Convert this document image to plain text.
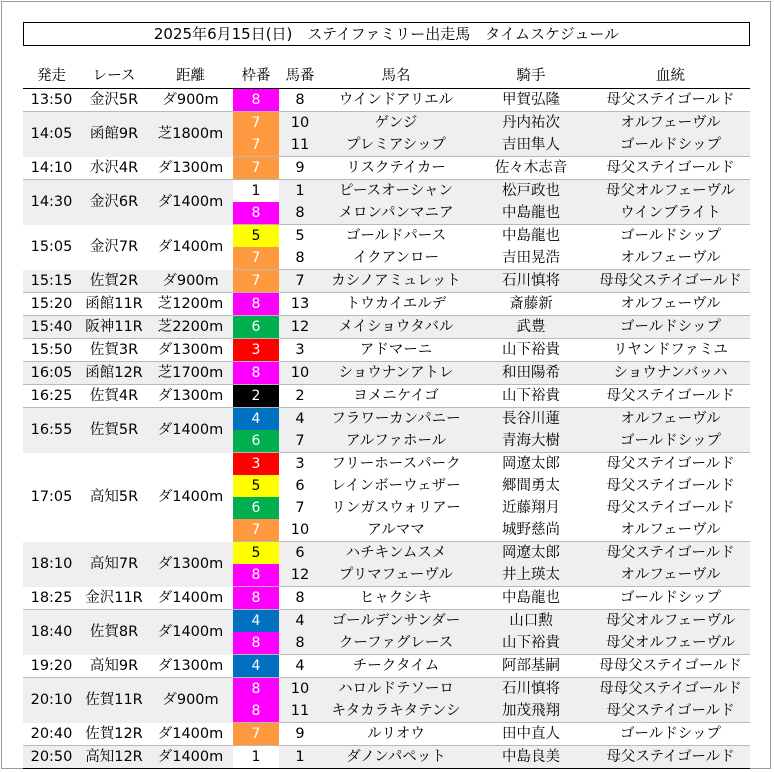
2025年6月15日(日)　ステイファミリー出走馬　タイムスケジュール
発走	レース	距離	枠番	馬番	馬名	騎手	血統
13:50	金沢5R	ダ900m	8	8	ウインドアリエル	甲賀弘隆	母父ステイゴールド
14:05	函館9R	芝1800m	7	10	ゲンジ	丹内祐次	オルフェーヴル
			7	11	プレミアシップ	吉田隼人	ゴールドシップ
14:10	水沢4R	ダ1300m	7	9	リスクテイカー	佐々木志音	母父ステイゴールド
14:30	金沢6R	ダ1400m	1	1	ピースオーシャン	松戸政也	母父オルフェーヴル
			8	8	メロンパンマニア	中島龍也	ウインブライト
15:05	金沢7R	ダ1400m	5	5	ゴールドパース	中島龍也	ゴールドシップ
			7	8	イクアンロー	吉田晃浩	オルフェーヴル
15:15	佐賀2R	ダ900m	7	7	カシノアミュレット	石川慎将	母母父ステイゴールド
15:20	函館11R	芝1200m	8	13	トウカイエルデ	斎藤新	オルフェーヴル
15:40	阪神11R	芝2200m	6	12	メイショウタバル	武豊	ゴールドシップ
15:50	佐賀3R	ダ1300m	3	3	アドマーニ	山下裕貴	リヤンドファミユ
16:05	函館12R	芝1700m	8	10	ショウナンアトレ	和田陽希	ショウナンバッハ
16:25	佐賀4R	ダ1300m	2	2	ヨメニケイゴ	山下裕貴	母父ステイゴールド
16:55	佐賀5R	ダ1400m	4	4	フラワーカンパニー	長谷川蓮	オルフェーヴル
			6	7	アルファホール	青海大樹	ゴールドシップ
17:05	高知5R	ダ1400m	3	3	フリーホースパーク	岡遼太郎	母父ステイゴールド
			5	6	レインボーウェザー	郷間勇太	母父ステイゴールド
			6	7	リンガスウォリアー	近藤翔月	母父ステイゴールド
			7	10	アルママ	城野慈尚	オルフェーヴル
18:10	高知7R	ダ1300m	5	6	ハチキンムスメ	岡遼太郎	母父ステイゴールド
			8	12	プリマフェーヴル	井上瑛太	オルフェーヴル
18:25	金沢11R	ダ1400m	8	8	ヒャクシキ	中島龍也	ゴールドシップ
18:40	佐賀8R	ダ1400m	4	4	ゴールデンサンダー	山口勲	母父オルフェーヴル
			8	8	クーファグレース	山下裕貴	母父オルフェーヴル
19:20	高知9R	ダ1300m	4	4	チークタイム	阿部基嗣	母母父ステイゴールド
20:10	佐賀11R	ダ900m	8	10	ハロルドテソーロ	石川慎将	母母父ステイゴールド
			8	11	キタカラキタテンシ	加茂飛翔	母父ステイゴールド
20:40	佐賀12R	ダ1400m	7	9	ルリオウ	田中直人	ゴールドシップ
20:50	高知12R	ダ1400m	1	1	ダノンパペット	中島良美	母父ステイゴールド
